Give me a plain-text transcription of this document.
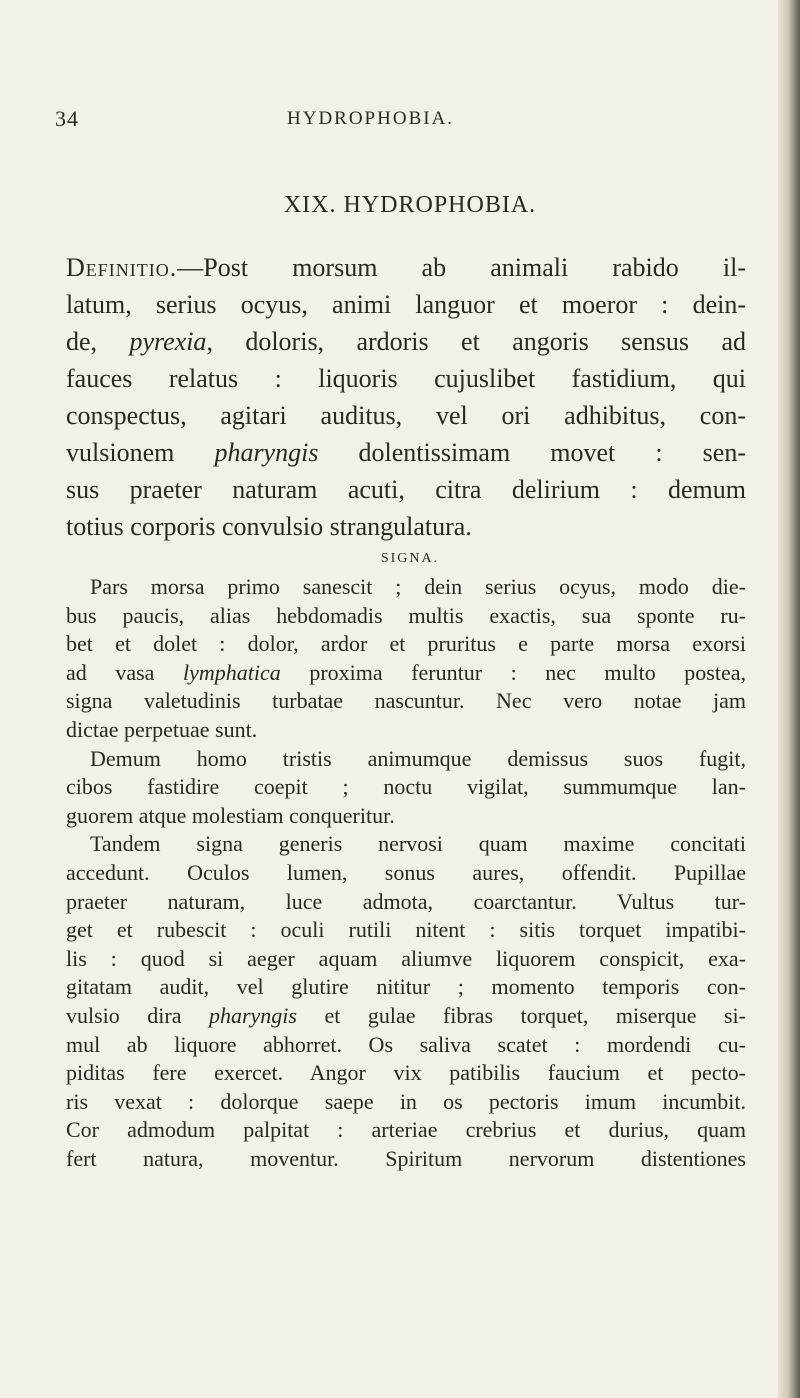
34	HYDROPHOBIA.
XIX. HYDROPHOBIA.
Definitio.—Post morsum ab animali rabido il-
latum, serius ocyus, animi languor et moeror : dein-
de, pyrexia, doloris, ardoris et angoris sensus ad
fauces relatus : liquoris cujuslibet fastidium, qui
conspectus, agitari auditus, vel ori adhibitus, con-
vulsionem pharyngis dolentissimam movet : sen-
sus praeter naturam acuti, citra delirium : demum
totius corporis convulsio strangulatura.
SIGNA.

Pars morsa primo sanescit ; dein serius ocyus, modo die-
bus paucis, alias hebdomadis multis exactis, sua sponte ru-
bet et dolet : dolor, ardor et pruritus e parte morsa exorsi
ad vasa lymphatica proxima feruntur : nec multo postea,
signa valetudinis turbatae nascuntur. Nec vero notae jam
dictae perpetuae sunt.

Demum homo tristis animumque demissus suos fugit,
cibos fastidire coepit ; noctu vigilat, summumque lan-
guorem atque molestiam conqueritur.

Tandem signa generis nervosi quam maxime concitati
accedunt. Oculos lumen, sonus aures, offendit. Pupillae
praeter naturam, luce admota, coarctantur. Vultus tur-
get et rubescit : oculi rutili nitent : sitis torquet impatibi-
lis : quod si aeger aquam aliumve liquorem conspicit, exa-
gitatam audit, vel glutire nititur ; momento temporis con-
vulsio dira pharyngis et gulae fibras torquet, miserque si-
mul ab liquore abhorret. Os saliva scatet : mordendi cu-
piditas fere exercet. Angor vix patibilis faucium et pecto-
ris vexat : dolorque saepe in os pectoris imum incumbit.
Cor admodum palpitat : arteriae crebrius et durius, quam
fert natura, moventur. Spiritum nervorum distentiones
